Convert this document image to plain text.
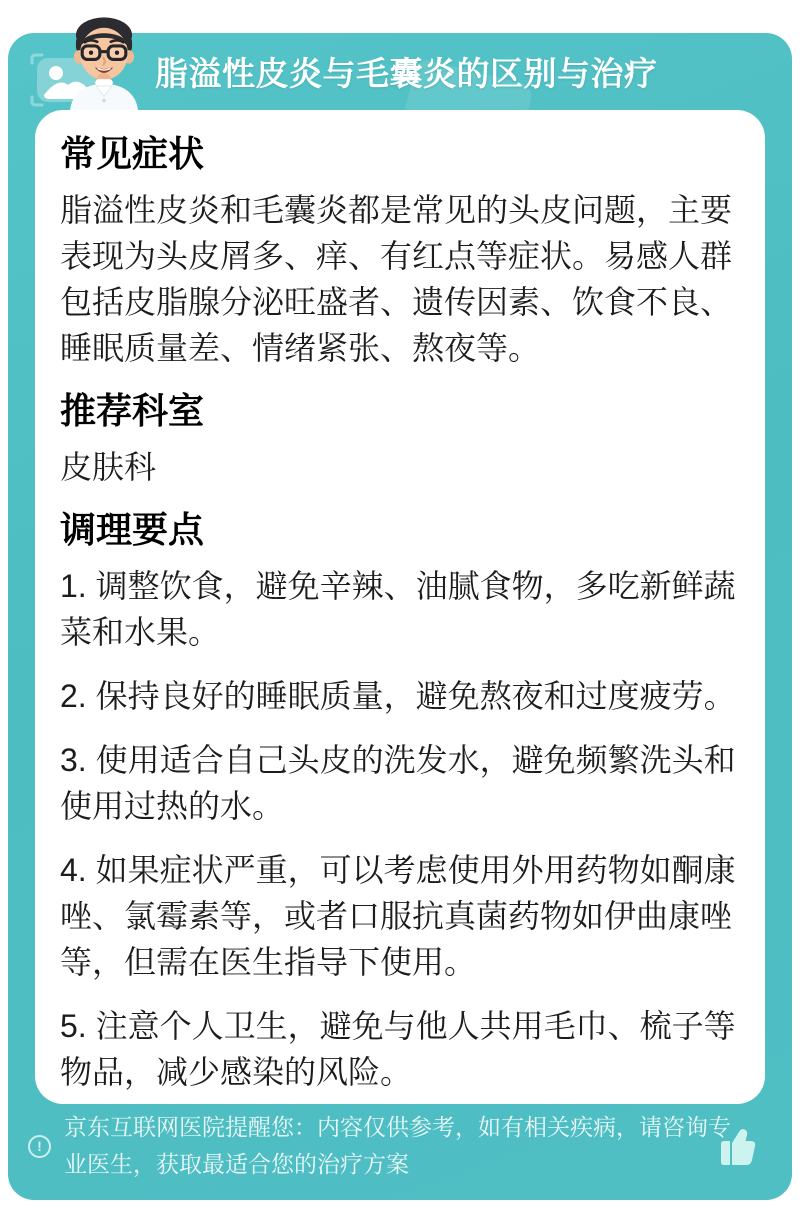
脂溢性皮炎与毛囊炎的区别与治疗
常见症状

脂溢性皮炎和毛囊炎都是常见的头皮问题，主要表现为头皮屑多、痒、有红点等症状。易感人群包括皮脂腺分泌旺盛者、遗传因素、饮食不良、睡眠质量差、情绪紧张、熬夜等。

推荐科室

皮肤科

调理要点

1. 调整饮食，避免辛辣、油腻食物，多吃新鲜蔬菜和水果。

2. 保持良好的睡眠质量，避免熬夜和过度疲劳。

3. 使用适合自己头皮的洗发水，避免频繁洗头和使用过热的水。

4. 如果症状严重，可以考虑使用外用药物如酮康唑、氯霉素等，或者口服抗真菌药物如伊曲康唑等，但需在医生指导下使用。

5. 注意个人卫生，避免与他人共用毛巾、梳子等物品，减少感染的风险。

!

京东互联网医院提醒您：内容仅供参考，如有相关疾病，请咨询专业医生，获取最适合您的治疗方案
